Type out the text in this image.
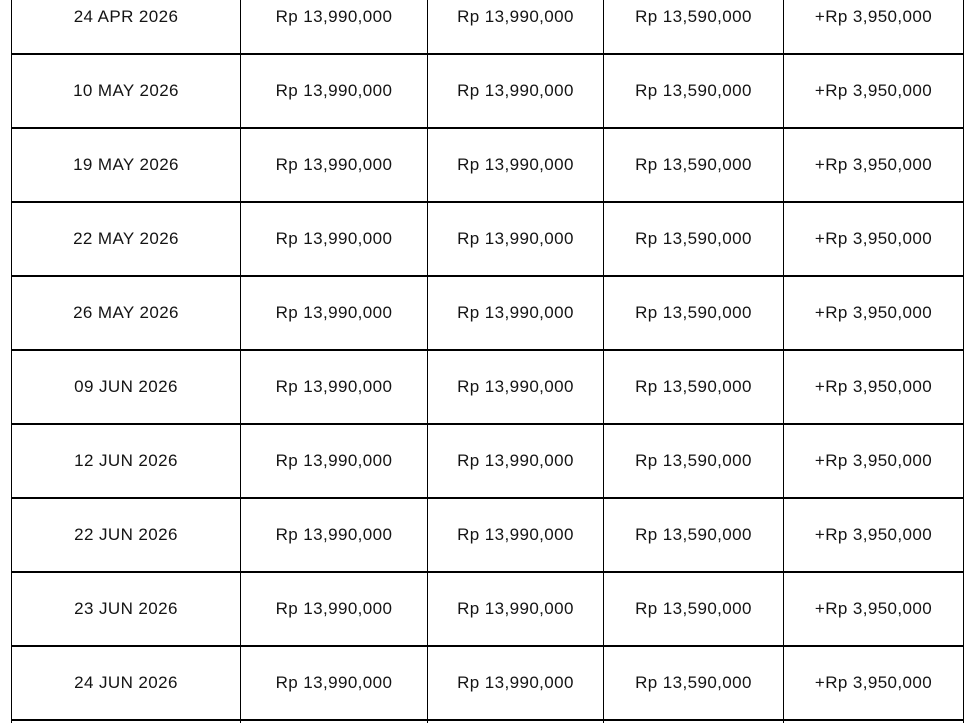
24 APR 2026	Rp 13,990,000	Rp 13,990,000	Rp 13,590,000	+Rp 3,950,000
10 MAY 2026	Rp 13,990,000	Rp 13,990,000	Rp 13,590,000	+Rp 3,950,000
19 MAY 2026	Rp 13,990,000	Rp 13,990,000	Rp 13,590,000	+Rp 3,950,000
22 MAY 2026	Rp 13,990,000	Rp 13,990,000	Rp 13,590,000	+Rp 3,950,000
26 MAY 2026	Rp 13,990,000	Rp 13,990,000	Rp 13,590,000	+Rp 3,950,000
09 JUN 2026	Rp 13,990,000	Rp 13,990,000	Rp 13,590,000	+Rp 3,950,000
12 JUN 2026	Rp 13,990,000	Rp 13,990,000	Rp 13,590,000	+Rp 3,950,000
22 JUN 2026	Rp 13,990,000	Rp 13,990,000	Rp 13,590,000	+Rp 3,950,000
23 JUN 2026	Rp 13,990,000	Rp 13,990,000	Rp 13,590,000	+Rp 3,950,000
24 JUN 2026	Rp 13,990,000	Rp 13,990,000	Rp 13,590,000	+Rp 3,950,000
